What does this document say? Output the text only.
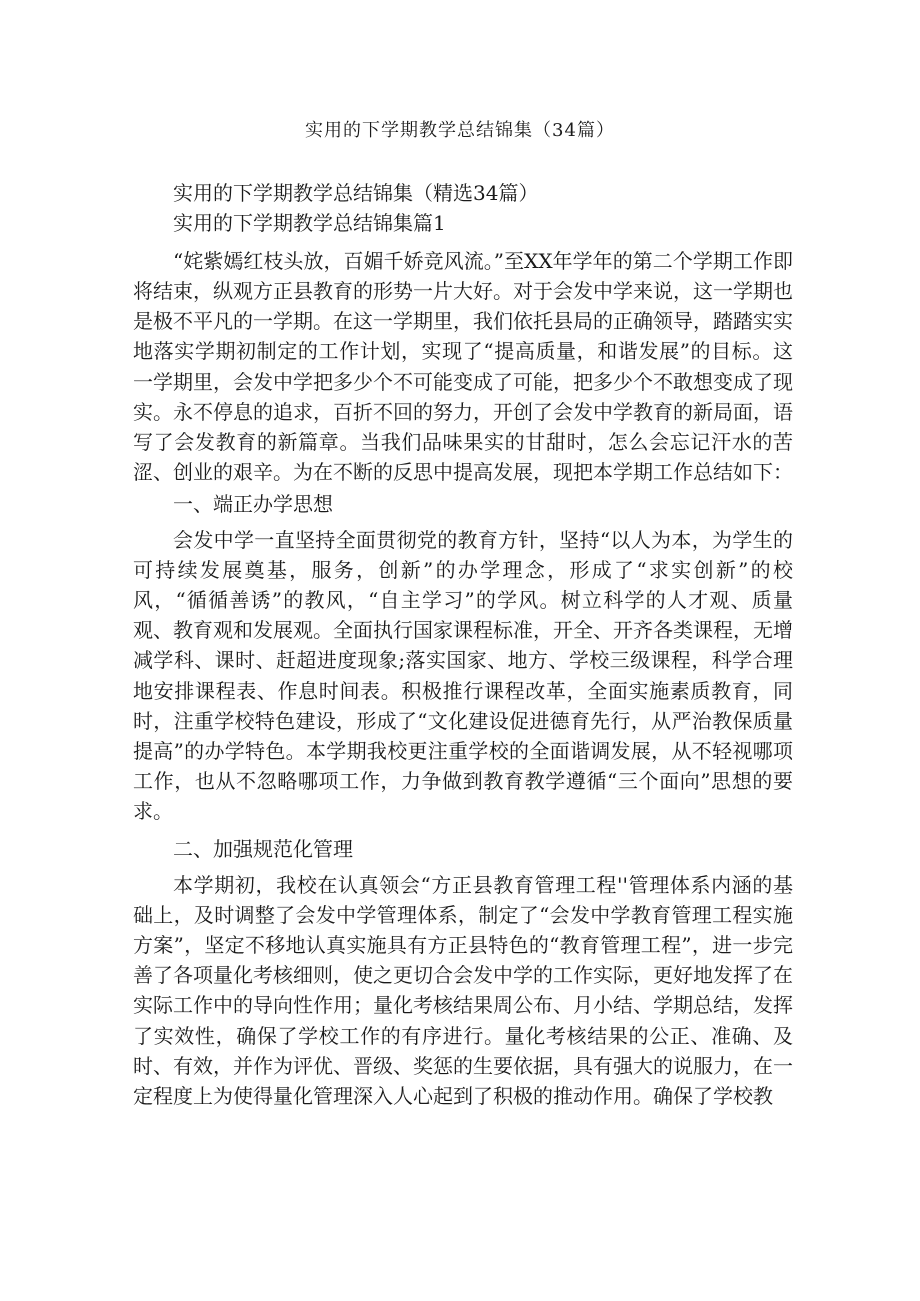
实用的下学期教学总结锦集（34篇）

实用的下学期教学总结锦集（精选34篇）

实用的下学期教学总结锦集篇1

“姹紫嫣红枝头放，百媚千娇竞风流。”至XX年学年的第二个学期工作即将结束，纵观方正县教育的形势一片大好。对于会发中学来说，这一学期也是极不平凡的一学期。在这一学期里，我们依托县局的正确领导，踏踏实实地落实学期初制定的工作计划，实现了“提高质量，和谐发展”的目标。这一学期里，会发中学把多少个不可能变成了可能，把多少个不敢想变成了现实。永不停息的追求，百折不回的努力，开创了会发中学教育的新局面，语写了会发教育的新篇章。当我们品味果实的甘甜时，怎么会忘记汗水的苦涩、创业的艰辛。为在不断的反思中提高发展，现把本学期工作总结如下：

一、端正办学思想

会发中学一直坚持全面贯彻党的教育方针，坚持“以人为本，为学生的可持续发展奠基，服务，创新”的办学理念，形成了“求实创新”的校风，“循循善诱”的教风，“自主学习”的学风。树立科学的人才观、质量观、教育观和发展观。全面执行国家课程标准，开全、开齐各类课程，无增减学科、课时、赶超进度现象;落实国家、地方、学校三级课程，科学合理地安排课程表、作息时间表。积极推行课程改革，全面实施素质教育，同时，注重学校特色建设，形成了“文化建设促进德育先行，从严治教保质量提高”的办学特色。本学期我校更注重学校的全面谐调发展，从不轻视哪项工作，也从不忽略哪项工作，力争做到教育教学遵循“三个面向”思想的要求。

二、加强规范化管理

本学期初，我校在认真领会“方正县教育管理工程''管理体系内涵的基础上，及时调整了会发中学管理体系，制定了“会发中学教育管理工程实施方案”，坚定不移地认真实施具有方正县特色的“教育管理工程”，进一步完善了各项量化考核细则，使之更切合会发中学的工作实际，更好地发挥了在实际工作中的导向性作用；量化考核结果周公布、月小结、学期总结，发挥了实效性，确保了学校工作的有序进行。量化考核结果的公正、准确、及时、有效，并作为评优、晋级、奖惩的生要依据，具有强大的说服力，在一定程度上为使得量化管理深入人心起到了积极的推动作用。确保了学校教
